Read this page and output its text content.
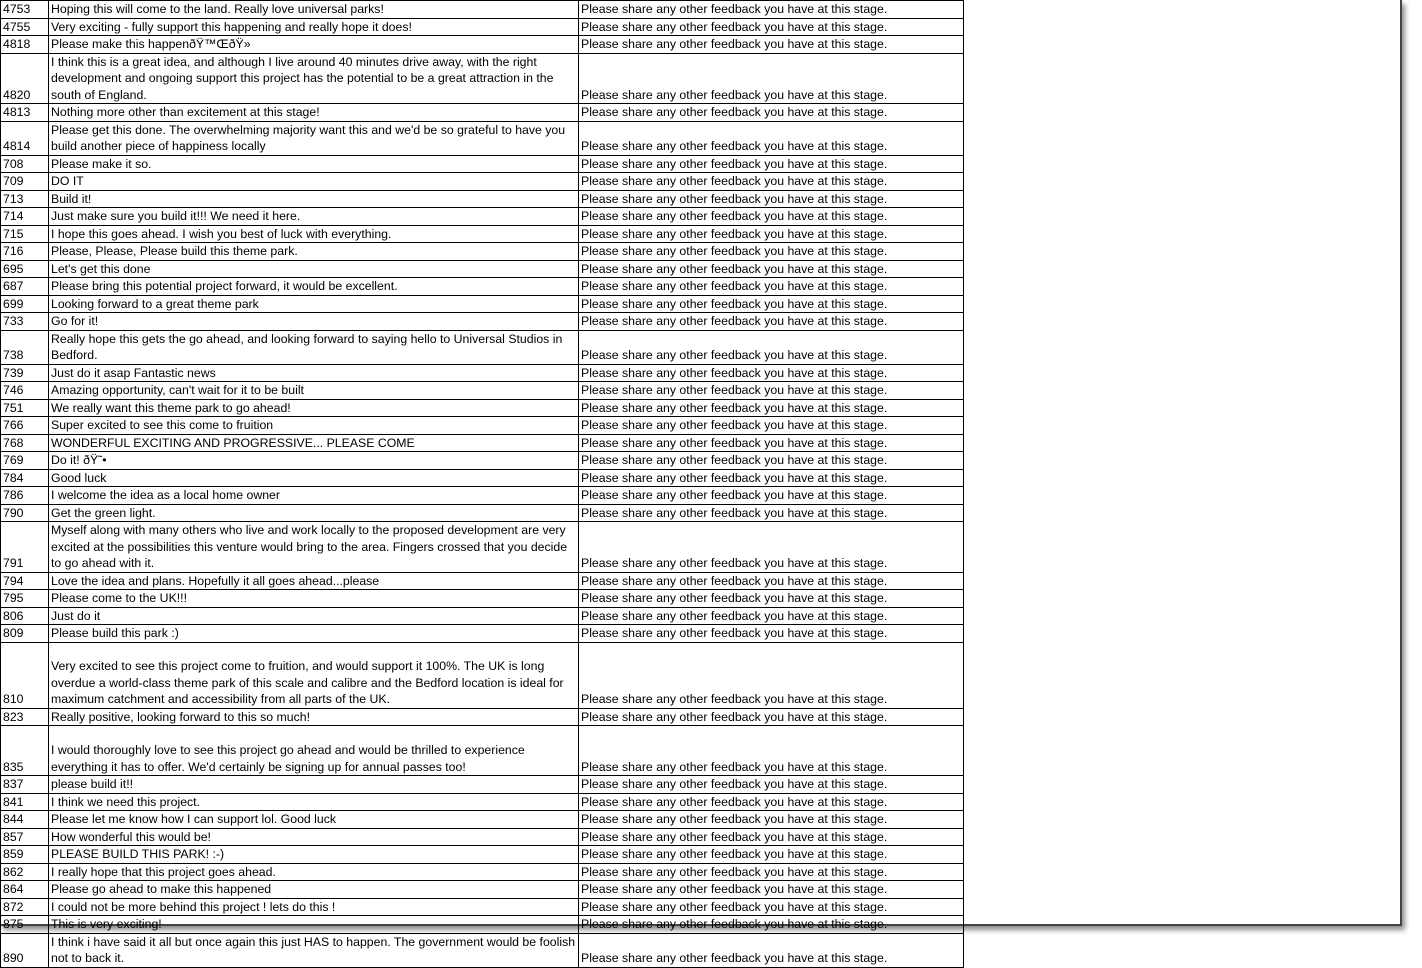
4753	Hoping this will come to the land. Really love universal parks!	Please share any other feedback you have at this stage.
4755	Very exciting - fully support this happening and really hope it does!	Please share any other feedback you have at this stage.
4818	Please make this happenðŸ™ŒðŸ»	Please share any other feedback you have at this stage.
4820	I think this is a great idea, and although I live around 40 minutes drive away, with the right development and ongoing support this project has the potential to be a great attraction in the south of England.	Please share any other feedback you have at this stage.
4813	Nothing more other than excitement at this stage!	Please share any other feedback you have at this stage.
4814	Please get this done. The overwhelming majority want this and we'd be so grateful to have you build another piece of happiness locally	Please share any other feedback you have at this stage.
708	Please make it so.	Please share any other feedback you have at this stage.
709	DO IT	Please share any other feedback you have at this stage.
713	Build it!	Please share any other feedback you have at this stage.
714	Just make sure you build it!!! We need it here.	Please share any other feedback you have at this stage.
715	I hope this goes ahead. I wish you best of luck with everything.	Please share any other feedback you have at this stage.
716	Please, Please, Please build this theme park.	Please share any other feedback you have at this stage.
695	Let's get this done	Please share any other feedback you have at this stage.
687	Please bring this potential project forward, it would be excellent.	Please share any other feedback you have at this stage.
699	Looking forward to a great theme park	Please share any other feedback you have at this stage.
733	Go for it!	Please share any other feedback you have at this stage.
738	Really hope this gets the go ahead, and looking forward to saying hello to Universal Studios in Bedford.	Please share any other feedback you have at this stage.
739	Just do it asap Fantastic news	Please share any other feedback you have at this stage.
746	Amazing opportunity, can't wait for it to be built	Please share any other feedback you have at this stage.
751	We really want this theme park to go ahead!	Please share any other feedback you have at this stage.
766	Super excited to see this come to fruition	Please share any other feedback you have at this stage.
768	WONDERFUL EXCITING AND PROGRESSIVE... PLEASE COME	Please share any other feedback you have at this stage.
769	Do it! ðŸ˜•	Please share any other feedback you have at this stage.
784	Good luck	Please share any other feedback you have at this stage.
786	I welcome the idea as a local home owner	Please share any other feedback you have at this stage.
790	Get the green light.	Please share any other feedback you have at this stage.
791	Myself along with many others who live and work locally to the proposed development are very excited at the possibilities this venture would bring to the area. Fingers crossed that you decide to go ahead with it.	Please share any other feedback you have at this stage.
794	Love the idea and plans. Hopefully it all goes ahead...please	Please share any other feedback you have at this stage.
795	Please come to the UK!!!	Please share any other feedback you have at this stage.
806	Just do it	Please share any other feedback you have at this stage.
809	Please build this park :)	Please share any other feedback you have at this stage.
810	Very excited to see this project come to fruition, and would support it 100%. The UK is long overdue a world-class theme park of this scale and calibre and the Bedford location is ideal for maximum catchment and accessibility from all parts of the UK.	Please share any other feedback you have at this stage.
823	Really positive, looking forward to this so much!	Please share any other feedback you have at this stage.
835	I would thoroughly love to see this project go ahead and would be thrilled to experience everything it has to offer. We'd certainly be signing up for annual passes too!	Please share any other feedback you have at this stage.
837	please build it!!	Please share any other feedback you have at this stage.
841	I think we need this project.	Please share any other feedback you have at this stage.
844	Please let me know how I can support lol. Good luck	Please share any other feedback you have at this stage.
857	How wonderful this would be!	Please share any other feedback you have at this stage.
859	PLEASE BUILD THIS PARK! :-)	Please share any other feedback you have at this stage.
862	I really hope that this project goes ahead.	Please share any other feedback you have at this stage.
864	Please go ahead to make this happened	Please share any other feedback you have at this stage.
872	I could not be more behind this project ! lets do this !	Please share any other feedback you have at this stage.
875	This is very exciting!	Please share any other feedback you have at this stage.
890	I think i have said it all but once again this just HAS to happen. The government would be foolish not to back it.	Please share any other feedback you have at this stage.
